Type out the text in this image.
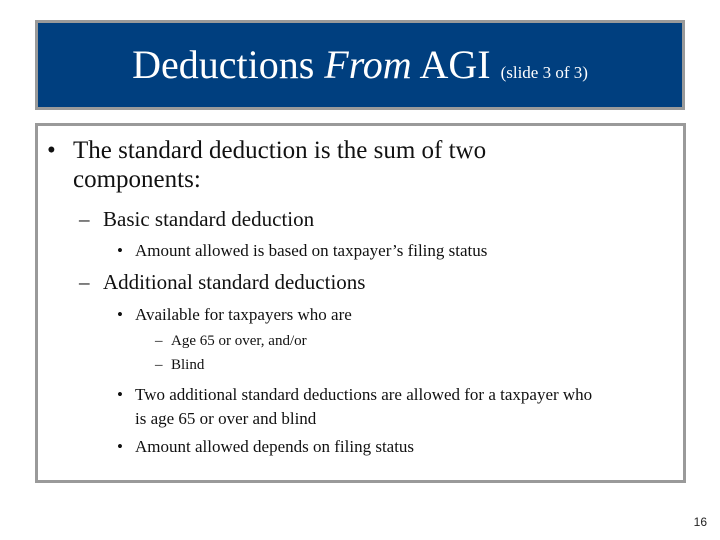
Deductions From AGI (slide 3 of 3)
• The standard deduction is the sum of two
components:
– Basic standard deduction
• Amount allowed is based on taxpayer’s filing status
– Additional standard deductions
• Available for taxpayers who are
– Age 65 or over, and/or
– Blind
• Two additional standard deductions are allowed for a taxpayer who
is age 65 or over and blind
• Amount allowed depends on filing status
16
